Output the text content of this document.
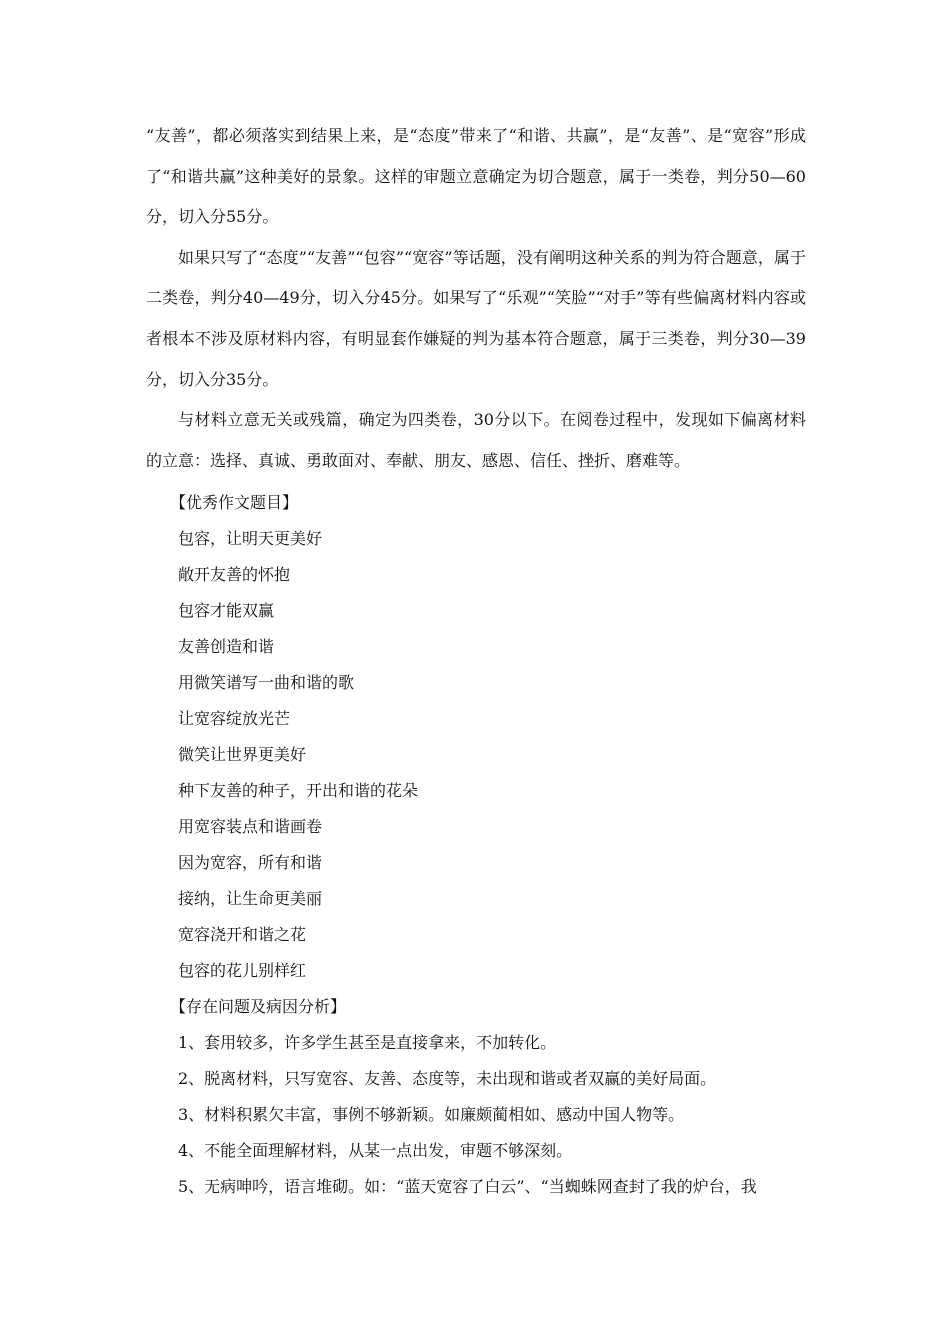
“友善”，都必须落实到结果上来，是“态度”带来了“和谐、共赢”，是“友善”、是“宽容”形成了“和谐共赢”这种美好的景象。这样的审题立意确定为切合题意，属于一类卷，判分50—60分，切入分55分。

如果只写了“态度”“友善”“包容”“宽容”等话题，没有阐明这种关系的判为符合题意，属于二类卷，判分40—49分，切入分45分。如果写了“乐观”“笑脸”“对手”等有些偏离材料内容或者根本不涉及原材料内容，有明显套作嫌疑的判为基本符合题意，属于三类卷，判分30—39分，切入分35分。

与材料立意无关或残篇，确定为四类卷，30分以下。在阅卷过程中，发现如下偏离材料的立意：选择、真诚、勇敢面对、奉献、朋友、感恩、信任、挫折、磨难等。

【优秀作文题目】

包容，让明天更美好

敞开友善的怀抱

包容才能双赢

友善创造和谐

用微笑谱写一曲和谐的歌

让宽容绽放光芒

微笑让世界更美好

种下友善的种子，开出和谐的花朵

用宽容装点和谐画卷

因为宽容，所有和谐

接纳，让生命更美丽

宽容浇开和谐之花

包容的花儿别样红

【存在问题及病因分析】

1、套用较多，许多学生甚至是直接拿来，不加转化。

2、脱离材料，只写宽容、友善、态度等，未出现和谐或者双赢的美好局面。

3、材料积累欠丰富，事例不够新颖。如廉颇蔺相如、感动中国人物等。

4、不能全面理解材料，从某一点出发，审题不够深刻。

5、无病呻吟，语言堆砌。如：“蓝天宽容了白云”、“当蜘蛛网查封了我的炉台，我
